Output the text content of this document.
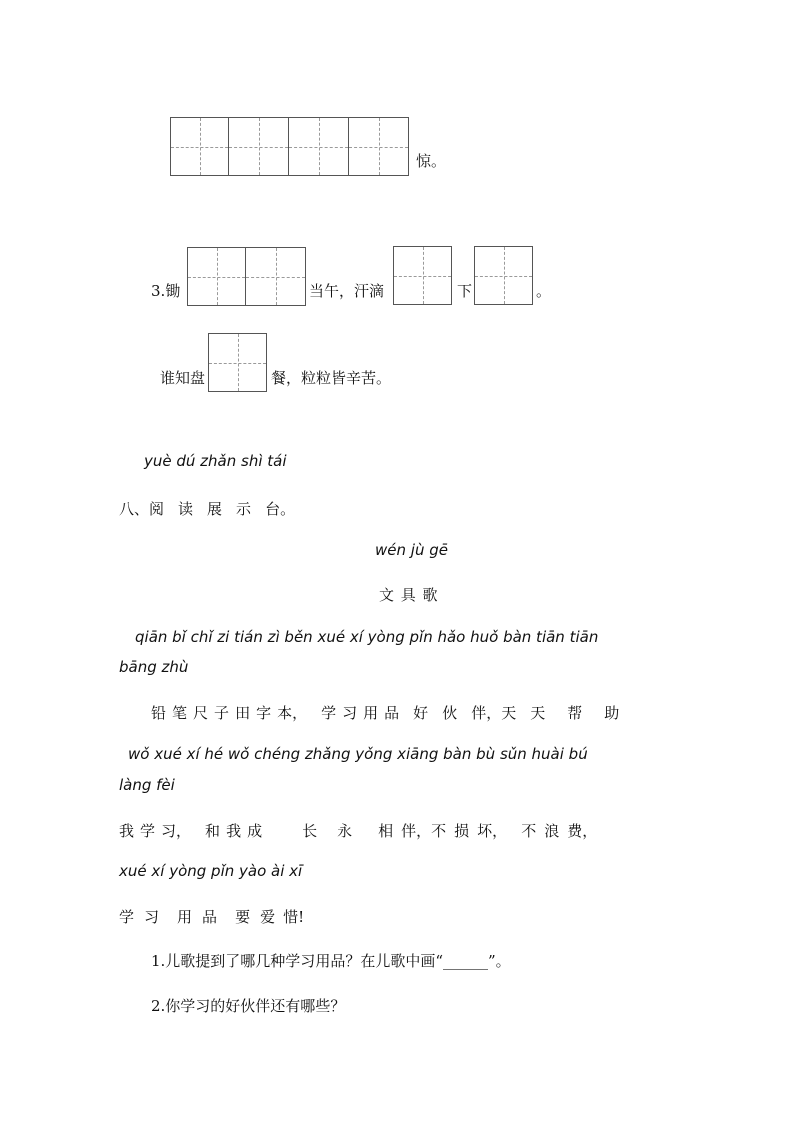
惊。
3.锄	当午，汗滴	下	。
谁知盘	餐，粒粒皆辛苦。
yuè dú zhǎn shì tái
八、阅 读 展 示 台。
wén jù gē
文 具 歌
qiān bǐ chǐ zi tián zì běn xué xí yòng pǐn hǎo huǒ bàn tiān tiān
bāng zhù
铅 笔 尺 子 田 字 本， 学 习 用 品 好 伙 伴，天 天 帮 助
wǒ xué xí hé wǒ chéng zhǎng yǒng xiāng bàn bù sǔn huài bú
làng fèi
我 学 习， 和 我 成	长 永 相 伴，不 损 坏， 不 浪 费，
xué xí yòng pǐn yào ài xī
学 习 用 品 要 爱 惜!
1.儿歌提到了哪几种学习用品？在儿歌中画“______”。
2.你学习的好伙伴还有哪些？
